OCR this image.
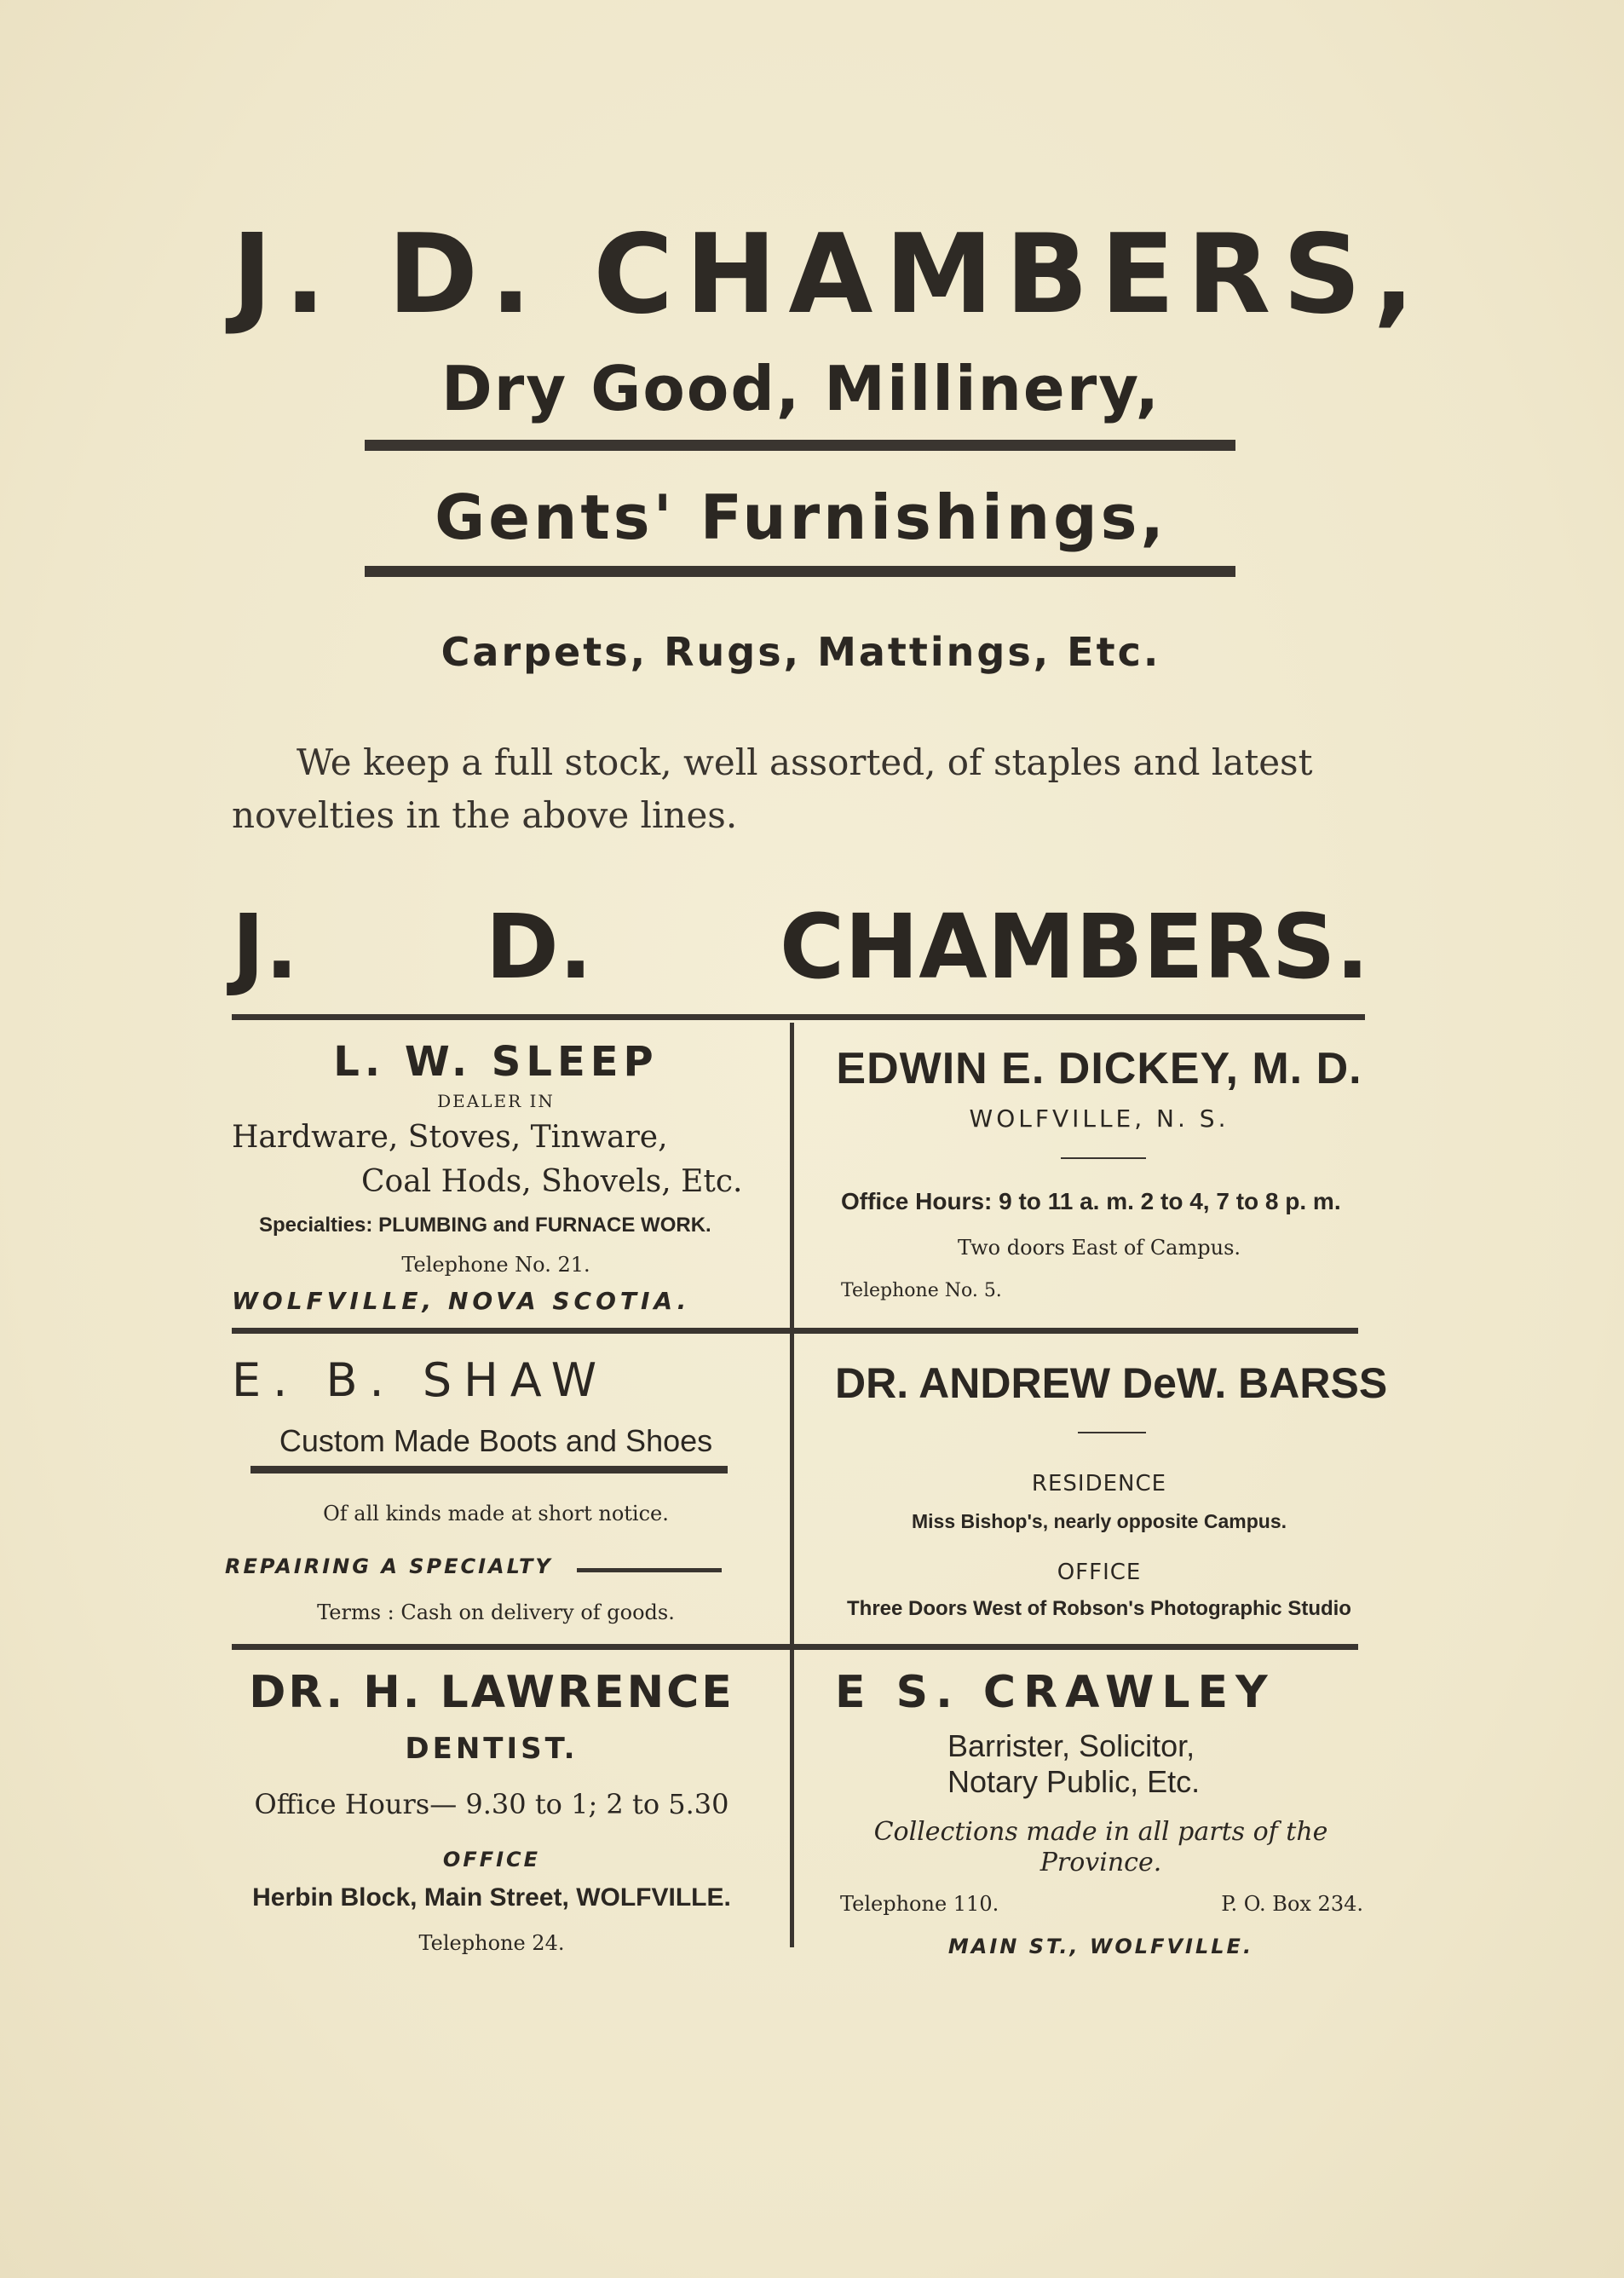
J. D. CHAMBERS,
Dry Good, Millinery,
Gents' Furnishings,
Carpets, Rugs, Mattings, Etc.
We keep a full stock, well assorted, of staples and latest novelties in the above lines.
J. D. CHAMBERS.
L. W. SLEEP
DEALER IN
Hardware, Stoves, Tinware,
Coal Hods, Shovels, Etc.
Specialties: PLUMBING and FURNACE WORK.
Telephone No. 21.
WOLFVILLE, NOVA SCOTIA.
EDWIN E. DICKEY, M. D.
WOLFVILLE, N. S.
Office Hours: 9 to 11 a. m. 2 to 4, 7 to 8 p. m.
Two doors East of Campus.
Telephone No. 5.
E. B. SHAW
Custom Made Boots and Shoes
Of all kinds made at short notice.
REPAIRING A SPECIALTY
Terms : Cash on delivery of goods.
DR. ANDREW DeW. BARSS
RESIDENCE
Miss Bishop's, nearly opposite Campus.
OFFICE
Three Doors West of Robson's Photographic Studio
DR. H. LAWRENCE
DENTIST.
Office Hours— 9.30 to 1; 2 to 5.30
OFFICE
Herbin Block, Main Street, WOLFVILLE.
Telephone 24.
E S. CRAWLEY
Barrister, Solicitor,
Notary Public, Etc.
Collections made in all parts of the
Province.
Telephone 110.	P. O. Box 234.
MAIN ST., WOLFVILLE.
